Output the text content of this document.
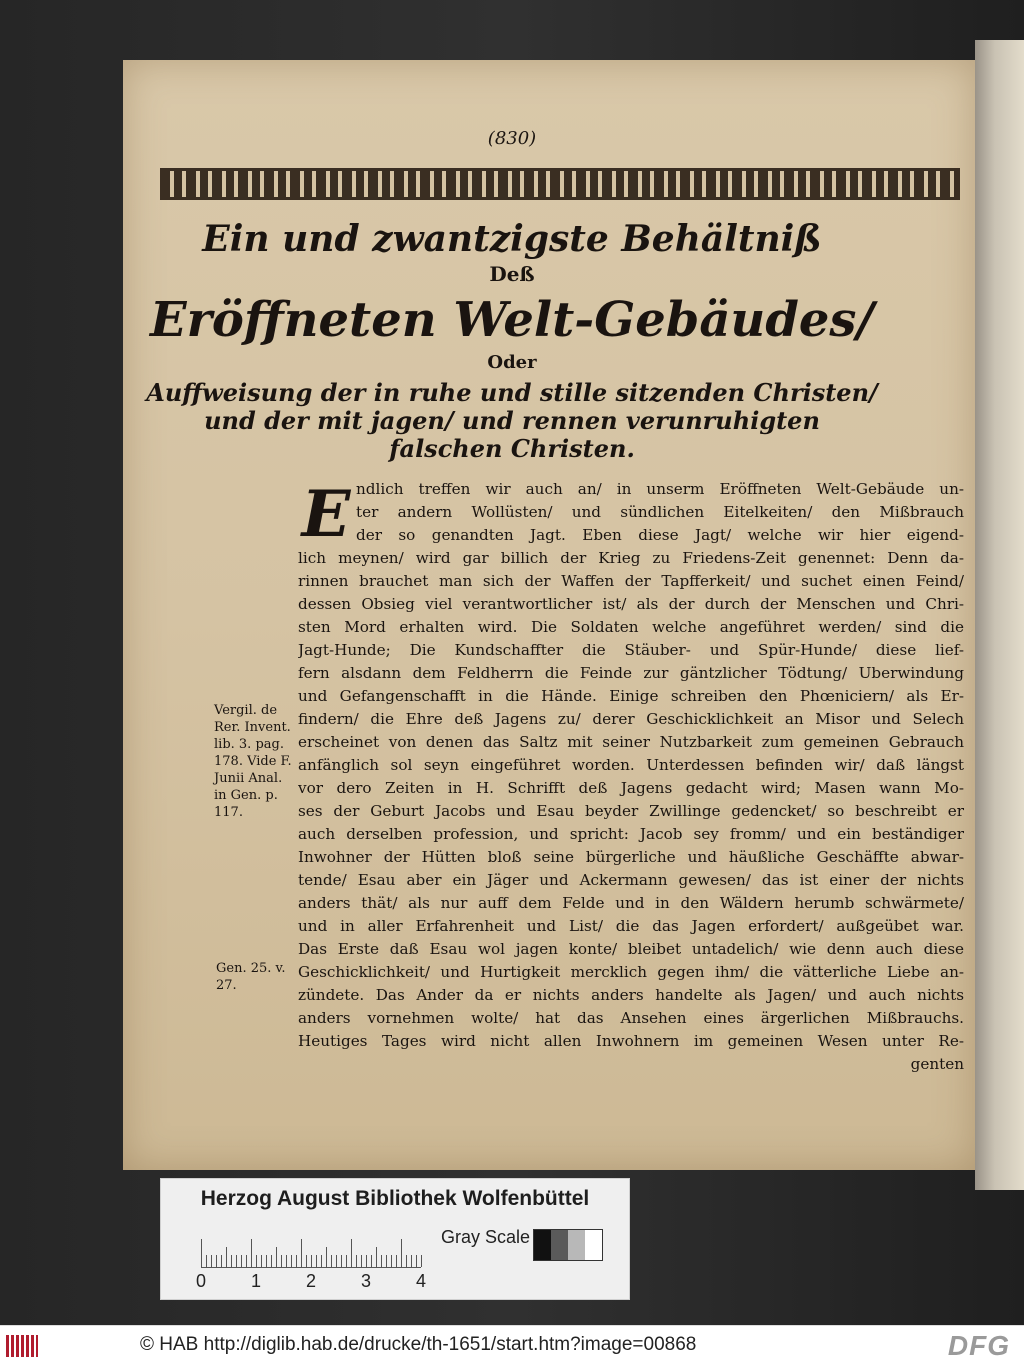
(830)
Ein und zwantzigste Behältniß
Deß
Eröffneten Welt-Gebäudes/
Oder
Auffweisung der in ruhe und stille sitzenden Christen/
und der mit jagen/ und rennen verunruhigten
falschen Christen.
E ndlich treffen wir auch an/ in unserm Eröffneten Welt-Gebäude un-
ter andern Wollüsten/ und sündlichen Eitelkeiten/ den Mißbrauch
der so genandten Jagt. Eben diese Jagt/ welche wir hier eigend-
lich meynen/ wird gar billich der Krieg zu Friedens-Zeit genennet: Denn da-
rinnen brauchet man sich der Waffen der Tapfferkeit/ und suchet einen Feind/
dessen Obsieg viel verantwortlicher ist/ als der durch der Menschen und Chri-
sten Mord erhalten wird. Die Soldaten welche angeführet werden/ sind die
Jagt-Hunde; Die Kundschaffter die Stäuber- und Spür-Hunde/ diese lief-
fern alsdann dem Feldherrn die Feinde zur gäntzlicher Tödtung/ Uberwindung
und Gefangenschafft in die Hände. Einige schreiben den Phœniciern/ als Er-
findern/ die Ehre deß Jagens zu/ derer Geschicklichkeit an Misor und Selech
erscheinet von denen das Saltz mit seiner Nutzbarkeit zum gemeinen Gebrauch
anfänglich sol seyn eingeführet worden. Unterdessen befinden wir/ daß längst
vor dero Zeiten in H. Schrifft deß Jagens gedacht wird; Masen wann Mo-
ses der Geburt Jacobs und Esau beyder Zwillinge gedencket/ so beschreibt er
auch derselben profession, und spricht: Jacob sey fromm/ und ein beständiger
Inwohner der Hütten bloß seine bürgerliche und häußliche Geschäffte abwar-
tende/ Esau aber ein Jäger und Ackermann gewesen/ das ist einer der nichts
anders thät/ als nur auff dem Felde und in den Wäldern herumb schwärmete/
und in aller Erfahrenheit und List/ die das Jagen erfordert/ außgeübet war.
Das Erste daß Esau wol jagen konte/ bleibet untadelich/ wie denn auch diese
Geschicklichkeit/ und Hurtigkeit mercklich gegen ihm/ die vätterliche Liebe an-
zündete. Das Ander da er nichts anders handelte als Jagen/ und auch nichts
anders vornehmen wolte/ hat das Ansehen eines ärgerlichen Mißbrauchs.
Heutiges Tages wird nicht allen Inwohnern im gemeinen Wesen unter Re-
genten
Vergil. de Rer. Invent. lib. 3. pag. 178. Vide F. Junii Anal. in Gen. p. 117.
Gen. 25. v. 27.
Herzog August Bibliothek Wolfenbüttel
0 1 2 3 4
Gray Scale
© HAB http://diglib.hab.de/drucke/th-1651/start.htm?image=00868	DFG
